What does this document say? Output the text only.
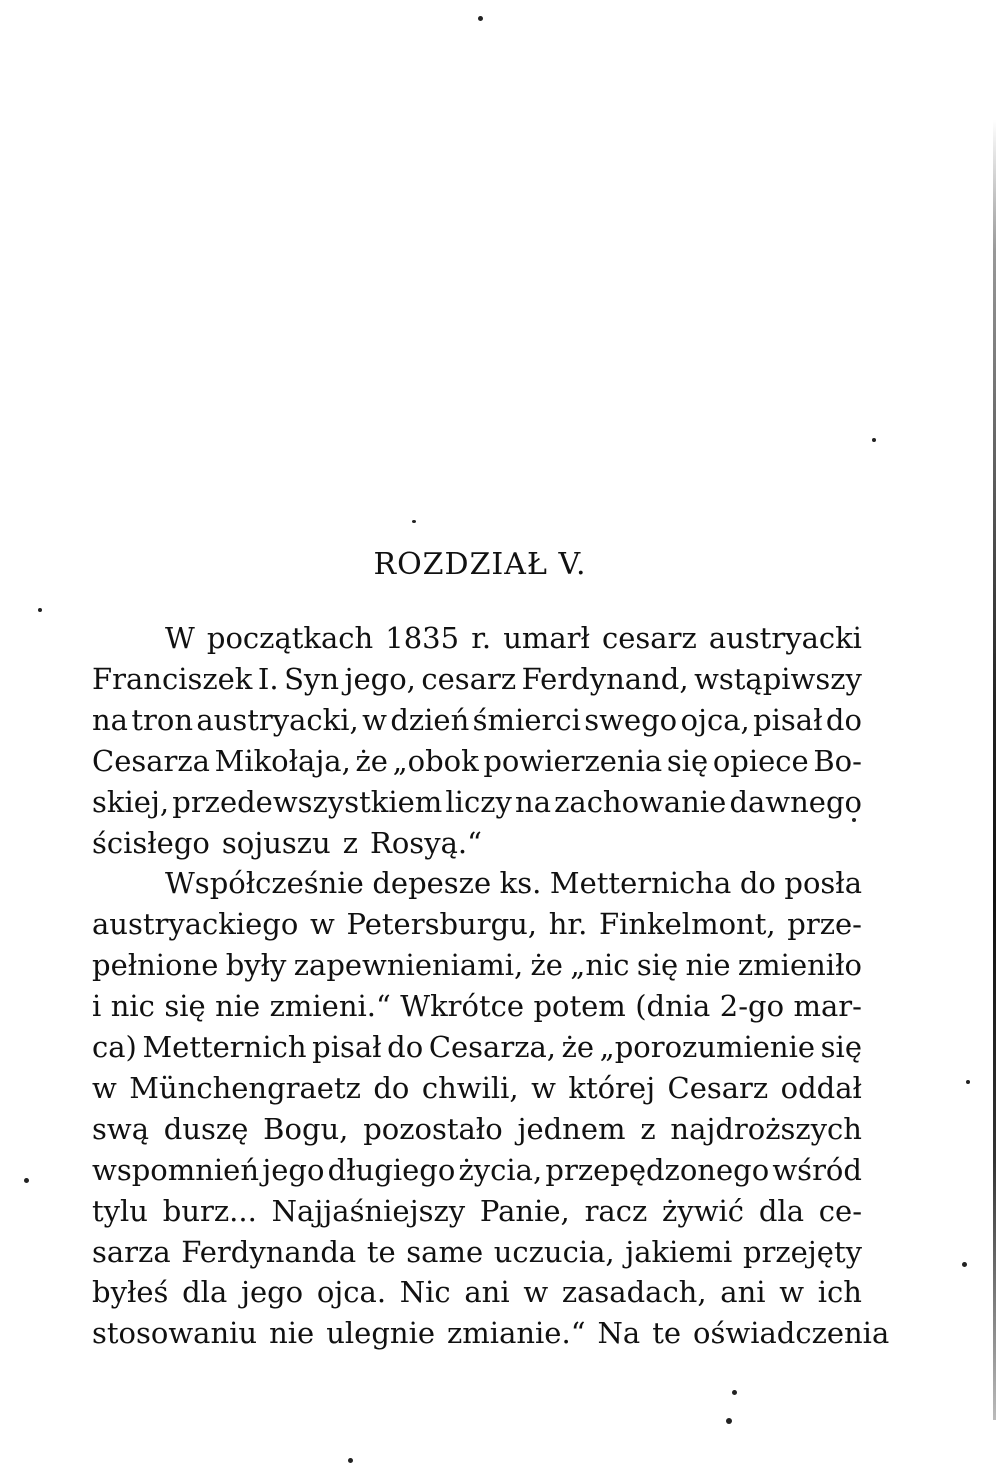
ROZDZIAŁ V.
W początkach 1835 r. umarł cesarz austryacki
Franciszek I. Syn jego, cesarz Ferdynand, wstąpiwszy
na tron austryacki, w dzień śmierci swego ojca, pisał do
Cesarza Mikołaja, że „obok powierzenia się opiece Bo-
skiej, przedewszystkiem liczy na zachowanie dawnego
ścisłego sojuszu z Rosyą.“
Współcześnie depesze ks. Metternicha do posła
austryackiego w Petersburgu, hr. Finkelmont, prze-
pełnione były zapewnieniami, że „nic się nie zmieniło
i nic się nie zmieni.“ Wkrótce potem (dnia 2-go mar-
ca) Metternich pisał do Cesarza, że „porozumienie się
w Münchengraetz do chwili, w której Cesarz oddał
swą duszę Bogu, pozostało jednem z najdroższych
wspomnień jego długiego życia, przepędzonego wśród
tylu burz... Najjaśniejszy Panie, racz żywić dla ce-
sarza Ferdynanda te same uczucia, jakiemi przejęty
byłeś dla jego ojca. Nic ani w zasadach, ani w ich
stosowaniu nie ulegnie zmianie.“ Na te oświadczenia
